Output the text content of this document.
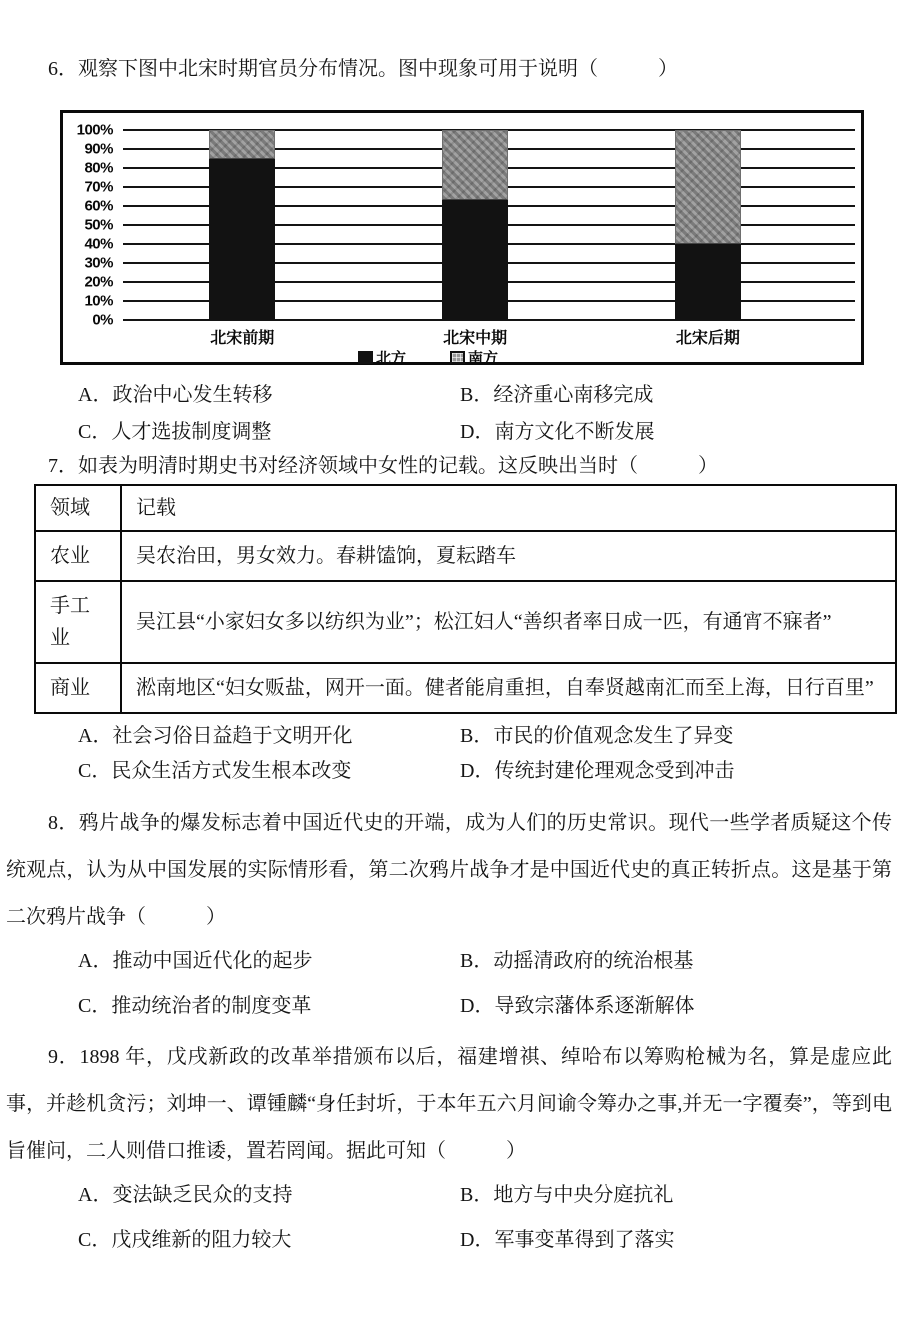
6．观察下图中北宋时期官员分布情况。图中现象可用于说明（　　　）

100%
90%
80%
70%
60%
50%
40%
30%
20%
10%
0%
北宋前期	北宋中期	北宋后期
北方	南方
A．政治中心发生转移	B．经济重心南移完成
C．人才选拔制度调整	D．南方文化不断发展

7．如表为明清时期史书对经济领域中女性的记载。这反映出当时（　　　）

领域	记载
农业	吴农治田，男女效力。春耕馌饷，夏耘踏车
手工业	吴江县“小家妇女多以纺织为业”；松江妇人“善织者率日成一匹，有通宵不寐者”
商业	淞南地区“妇女贩盐，网开一面。健者能肩重担，自奉贤越南汇而至上海，日行百里”
A．社会习俗日益趋于文明开化	B．市民的价值观念发生了异变
C．民众生活方式发生根本改变	D．传统封建伦理观念受到冲击

8．鸦片战争的爆发标志着中国近代史的开端，成为人们的历史常识。现代一些学者质疑这个传统观点，认为从中国发展的实际情形看，第二次鸦片战争才是中国近代史的真正转折点。这是基于第二次鸦片战争（　　　）

A．推动中国近代化的起步	B．动摇清政府的统治根基
C．推动统治者的制度变革	D．导致宗藩体系逐渐解体

9．1898 年，戊戌新政的改革举措颁布以后，福建增祺、绰哈布以筹购枪械为名，算是虚应此事，并趁机贪污；刘坤一、谭锺麟“身任封圻，于本年五六月间谕令筹办之事,并无一字覆奏”，等到电旨催问，二人则借口推诿，置若罔闻。据此可知（　　　）

A．变法缺乏民众的支持	B．地方与中央分庭抗礼
C．戊戌维新的阻力较大	D．军事变革得到了落实
